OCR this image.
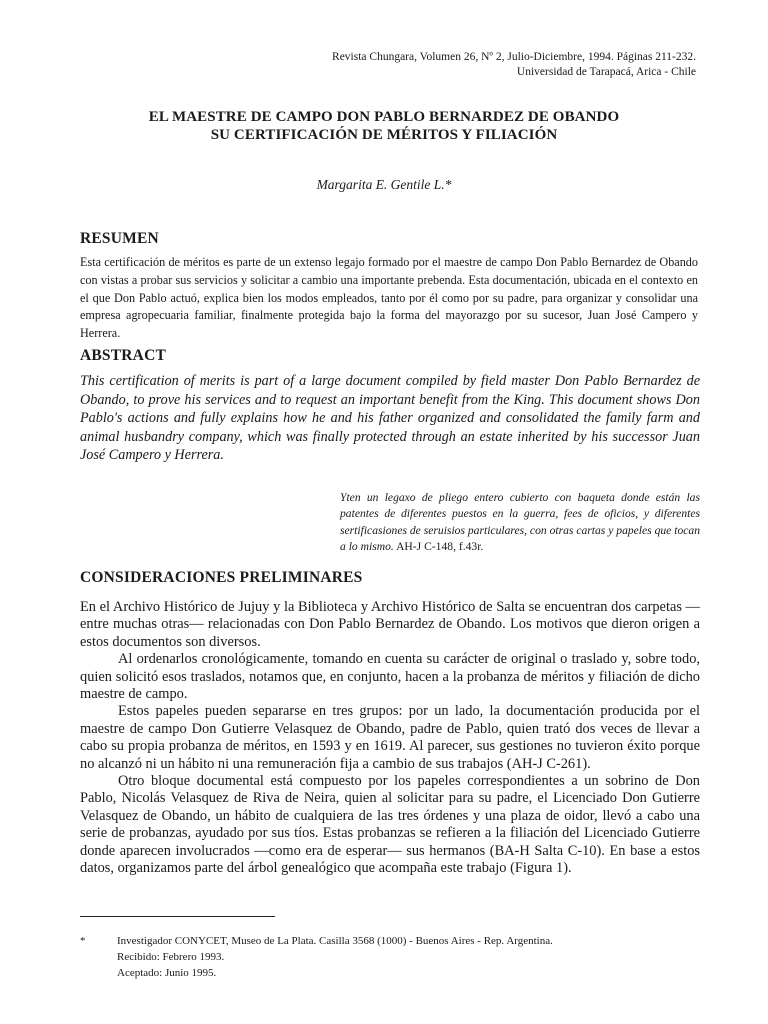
Revista Chungara, Volumen 26, Nº 2, Julio-Diciembre, 1994. Páginas 211-232.
Universidad de Tarapacá, Arica - Chile
EL MAESTRE DE CAMPO DON PABLO BERNARDEZ DE OBANDO
SU CERTIFICACIÓN DE MÉRITOS Y FILIACIÓN
Margarita E. Gentile L.*
RESUMEN

Esta certificación de méritos es parte de un extenso legajo formado por el maestre de campo Don Pablo Bernardez de Obando con vistas a probar sus servicios y solicitar a cambio una importante prebenda. Esta documentación, ubicada en el contexto en el que Don Pablo actuó, explica bien los modos empleados, tanto por él como por su padre, para organizar y consolidar una empresa agropecuaria familiar, finalmente protegida bajo la forma del mayorazgo por su sucesor, Juan José Campero y Herrera.

ABSTRACT

This certification of merits is part of a large document compiled by field master Don Pablo Bernardez de Obando, to prove his services and to request an important benefit from the King. This document shows Don Pablo's actions and fully explains how he and his father organized and consolidated the family farm and animal husbandry company, which was finally protected through an estate inherited by his successor Juan José Campero y Herrera.

Yten un legaxo de pliego entero cubierto con baqueta donde están las patentes de diferentes puestos en la guerra, fees de oficios, y diferentes sertificasiones de seruisios particulares, con otras cartas y papeles que tocan a lo mismo. AH-J C-148, f.43r.

CONSIDERACIONES PRELIMINARES

En el Archivo Histórico de Jujuy y la Biblioteca y Archivo Histórico de Salta se encuentran dos carpetas —entre muchas otras— relacionadas con Don Pablo Bernardez de Obando. Los motivos que dieron origen a estos documentos son diversos.

Al ordenarlos cronológicamente, tomando en cuenta su carácter de original o traslado y, sobre todo, quien solicitó esos traslados, notamos que, en conjunto, hacen a la probanza de méritos y filiación de dicho maestre de campo.

Estos papeles pueden separarse en tres grupos: por un lado, la documentación producida por el maestre de campo Don Gutierre Velasquez de Obando, padre de Pablo, quien trató dos veces de llevar a cabo su propia probanza de méritos, en 1593 y en 1619. Al parecer, sus gestiones no tuvieron éxito porque no alcanzó ni un hábito ni una remuneración fija a cambio de sus trabajos (AH-J C-261).

Otro bloque documental está compuesto por los papeles correspondientes a un sobrino de Don Pablo, Nicolás Velasquez de Riva de Neira, quien al solicitar para su padre, el Licenciado Don Gutierre Velasquez de Obando, un hábito de cualquiera de las tres órdenes y una plaza de oidor, llevó a cabo una serie de probanzas, ayudado por sus tíos. Estas probanzas se refieren a la filiación del Licenciado Gutierre donde aparecen involucrados —como era de esperar— sus hermanos (BA-H Salta C-10). En base a estos datos, organizamos parte del árbol genealógico que acompaña este trabajo (Figura 1).

*	Investigador CONYCET, Museo de La Plata. Casilla 3568 (1000) - Buenos Aires - Rep. Argentina.
Recibido: Febrero 1993.
Aceptado: Junio 1995.
